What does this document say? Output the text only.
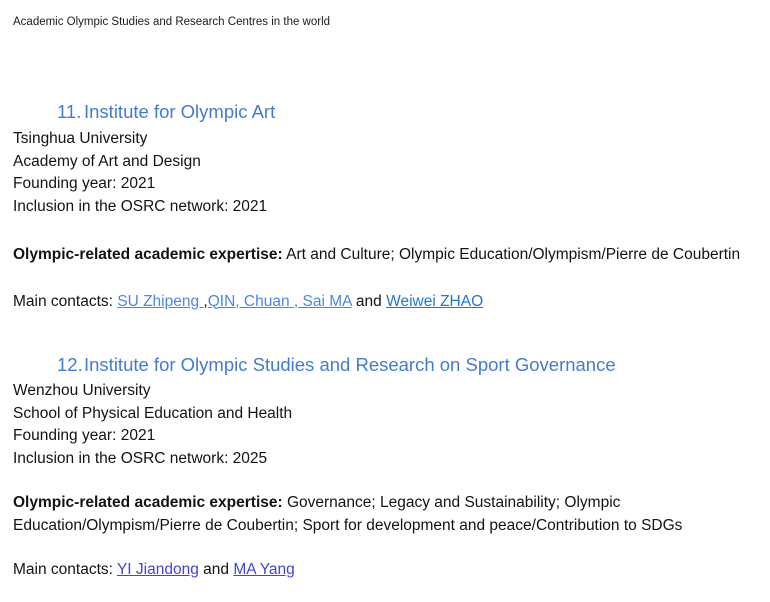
Academic Olympic Studies and Research Centres in the world

11. Institute for Olympic Art
Tsinghua University
Academy of Art and Design
Founding year: 2021
Inclusion in the OSRC network: 2021

Olympic-related academic expertise: Art and Culture; Olympic Education/Olympism/Pierre de Coubertin

Main contacts: SU Zhipeng ,QIN, Chuan , Sai MA and Weiwei ZHAO

12.Institute for Olympic Studies and Research on Sport Governance
Wenzhou University
School of Physical Education and Health
Founding year: 2021
Inclusion in the OSRC network: 2025

Olympic-related academic expertise: Governance; Legacy and Sustainability; Olympic Education/Olympism/Pierre de Coubertin; Sport for development and peace/Contribution to SDGs

Main contacts: YI Jiandong and MA Yang
